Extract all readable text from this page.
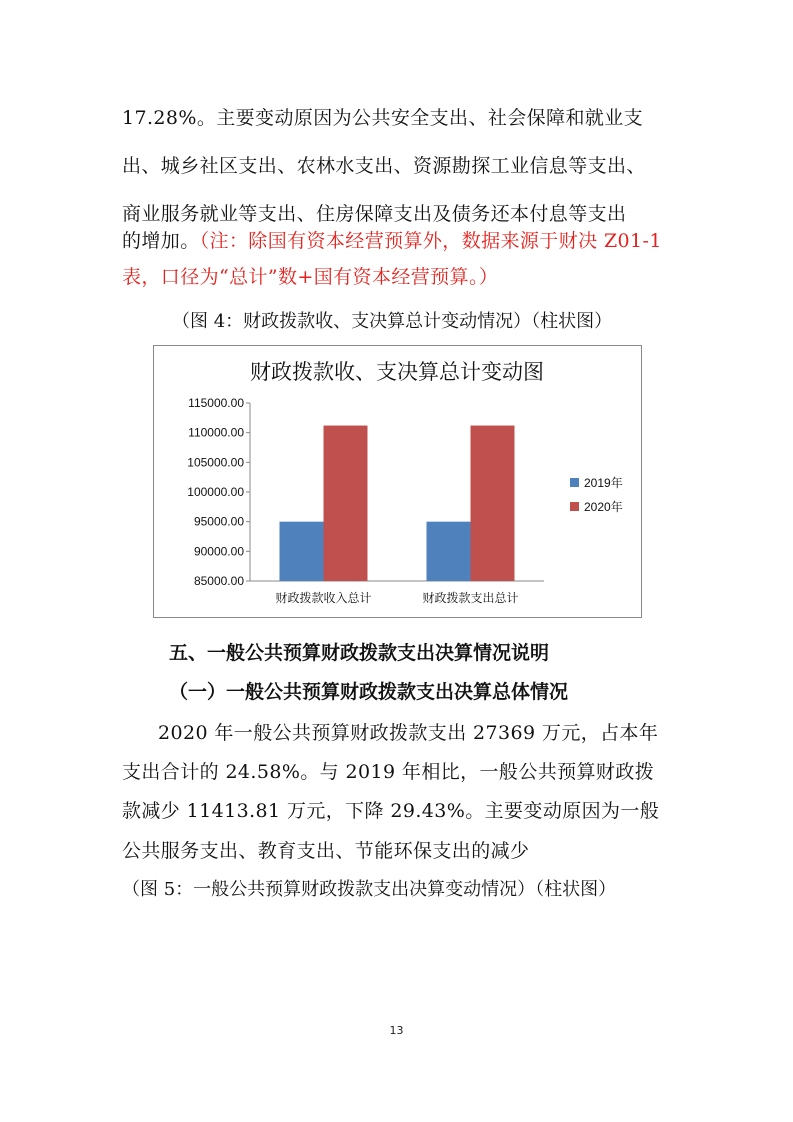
17.28%。主要变动原因为公共安全支出、社会保障和就业支
出、城乡社区支出、农林水支出、资源勘探工业信息等支出、
商业服务就业等支出、住房保障支出及债务还本付息等支出
的增加。（注：除国有资本经营预算外，数据来源于财决 Z01-1
表，口径为“总计”数+国有资本经营预算。）
（图 4：财政拨款收、支决算总计变动情况）（柱状图）
财政拨款收、支决算总计变动图
115000.00
110000.00
105000.00
100000.00
95000.00
90000.00
85000.00
财政拨款收入总计	财政拨款支出总计
2019年
2020年
五、一般公共预算财政拨款支出决算情况说明
（一）一般公共预算财政拨款支出决算总体情况
2020 年一般公共预算财政拨款支出 27369 万元，占本年
支出合计的 24.58%。与 2019 年相比，一般公共预算财政拨
款减少 11413.81 万元，下降 29.43%。主要变动原因为一般
公共服务支出、教育支出、节能环保支出的减少
（图 5：一般公共预算财政拨款支出决算变动情况）（柱状图）
13
